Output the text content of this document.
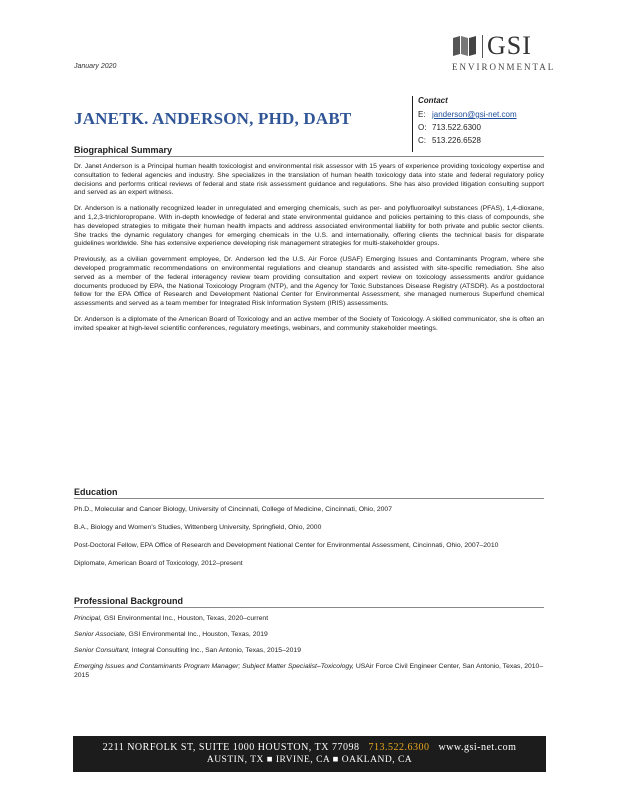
January 2020
GSI
ENVIRONMENTAL
JANETK. ANDERSON, PHD, DABT
Contact
E: janderson@gsi-net.com
O: 713.522.6300
C: 513.226.6528
Biographical Summary

Dr. Janet Anderson is a Principal human health toxicologist and environmental risk assessor with 15 years of experience providing toxicology expertise and consultation to federal agencies and industry. She specializes in the translation of human health toxicology data into state and federal regulatory policy decisions and performs critical reviews of federal and state risk assessment guidance and regulations. She has also provided litigation consulting support and served as an expert witness.

Dr. Anderson is a nationally recognized leader in unregulated and emerging chemicals, such as per- and polyfluoroalkyl substances (PFAS), 1,4-dioxane, and 1,2,3-trichloropropane. With in-depth knowledge of federal and state environmental guidance and policies pertaining to this class of compounds, she has developed strategies to mitigate their human health impacts and address associated environmental liability for both private and public sector clients. She tracks the dynamic regulatory changes for emerging chemicals in the U.S. and internationally, offering clients the technical basis for disparate guidelines worldwide. She has extensive experience developing risk management strategies for multi-stakeholder groups.

Previously, as a civilian government employee, Dr. Anderson led the U.S. Air Force (USAF) Emerging Issues and Contaminants Program, where she developed programmatic recommendations on environmental regulations and cleanup standards and assisted with site-specific remediation. She also served as a member of the federal interagency review team providing consultation and expert review on toxicology assessments and/or guidance documents produced by EPA, the National Toxicology Program (NTP), and the Agency for Toxic Substances Disease Registry (ATSDR). As a postdoctoral fellow for the EPA Office of Research and Development National Center for Environmental Assessment, she managed numerous Superfund chemical assessments and served as a team member for Integrated Risk Information System (IRIS) assessments.

Dr. Anderson is a diplomate of the American Board of Toxicology and an active member of the Society of Toxicology. A skilled communicator, she is often an invited speaker at high-level scientific conferences, regulatory meetings, webinars, and community stakeholder meetings.

Education
Ph.D., Molecular and Cancer Biology, University of Cincinnati, College of Medicine, Cincinnati, Ohio, 2007
B.A., Biology and Women's Studies, Wittenberg University, Springfield, Ohio, 2000
Post-Doctoral Fellow, EPA Office of Research and Development National Center for Environmental Assessment, Cincinnati, Ohio, 2007–2010
Diplomate, American Board of Toxicology, 2012–present
Professional Background
Principal, GSI Environmental Inc., Houston, Texas, 2020–current
Senior Associate, GSI Environmental Inc., Houston, Texas, 2019
Senior Consultant, Integral Consulting Inc., San Antonio, Texas, 2015–2019
Emerging Issues and Contaminants Program Manager; Subject Matter Specialist–Toxicology, USAir Force Civil Engineer Center, San Antonio, Texas, 2010–2015
2211 NORFOLK ST, SUITE 1000 HOUSTON, TX 77098 713.522.6300 www.gsi-net.com
AUSTIN, TX ■ IRVINE, CA ■ OAKLAND, CA
